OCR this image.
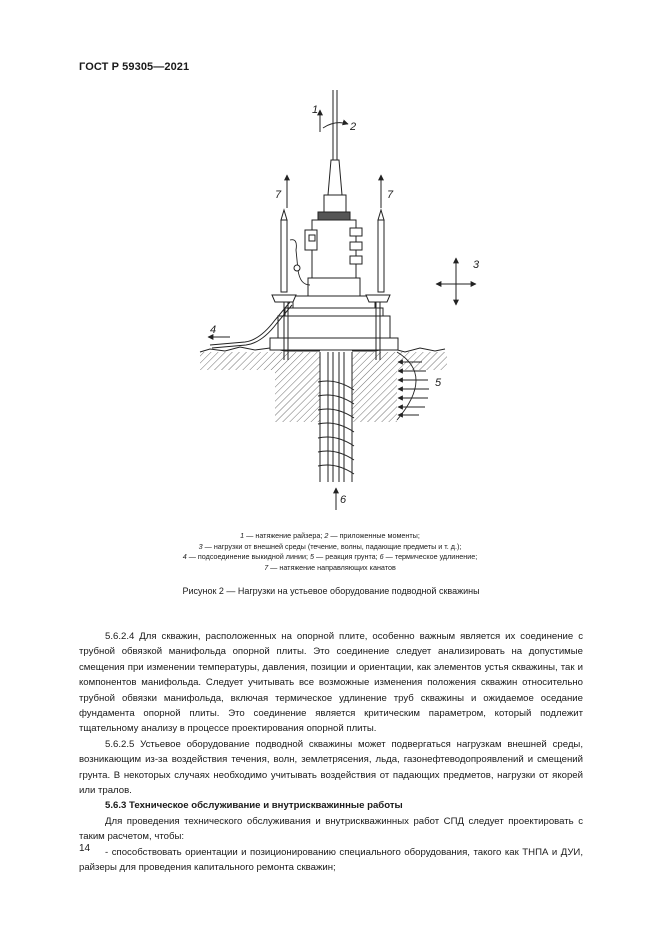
ГОСТ Р 59305—2021
1
2
7	7
3
4
5
6
1 — натяжение райзера; 2 — приложенные моменты;
3 — нагрузки от внешней среды (течение, волны, падающие предметы и т. д.);
4 — подсоединение выкидной линии; 5 — реакция грунта; 6 — термическое удлинение;
7 — натяжение направляющих канатов
Рисунок 2 — Нагрузки на устьевое оборудование подводной скважины

5.6.2.4 Для скважин, расположенных на опорной плите, особенно важным является их соединение с трубной обвязкой манифольда опорной плиты. Это соединение следует анализировать на допустимые смещения при изменении температуры, давления, позиции и ориентации, как элементов устья скважины, так и компонентов манифольда. Следует учитывать все возможные изменения положения скважин относительно трубной обвязки манифольда, включая термическое удлинение труб скважины и ожидаемое оседание фундамента опорной плиты. Это соединение является критическим параметром, который подлежит тщательному анализу в процессе проектирования опорной плиты.

5.6.2.5 Устьевое оборудование подводной скважины может подвергаться нагрузкам внешней среды, возникающим из-за воздействия течения, волн, землетрясения, льда, газонефтеводопроявлений и смещений грунта. В некоторых случаях необходимо учитывать воздействия от падающих предметов, нагрузки от якорей или тралов.

5.6.3 Техническое обслуживание и внутрискважинные работы

Для проведения технического обслуживания и внутрискважинных работ СПД следует проектировать с таким расчетом, чтобы:

- способствовать ориентации и позиционированию специального оборудования, такого как ТНПА и ДУИ, райзеры для проведения капитального ремонта скважин;

14
